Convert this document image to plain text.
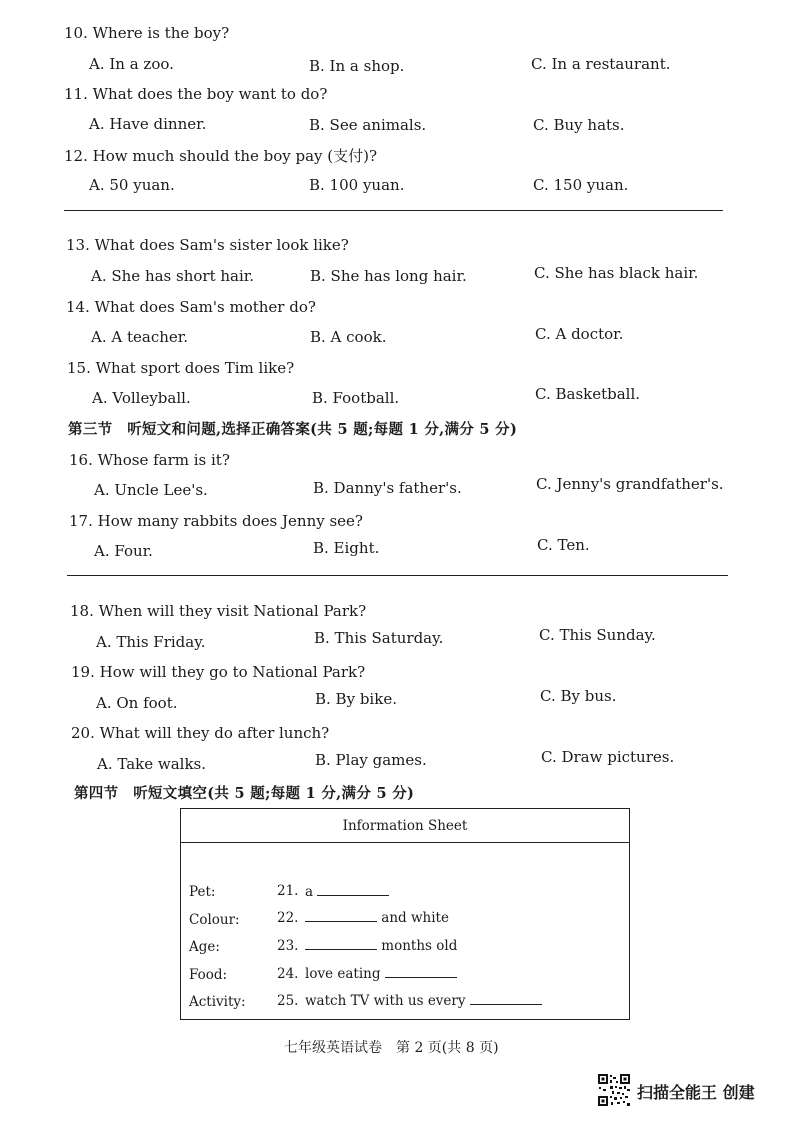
10. Where is the boy?
A. In a zoo.	B. In a shop.	C. In a restaurant.
11. What does the boy want to do?
A. Have dinner.	B. See animals.	C. Buy hats.
12. How much should the boy pay (支付)?
A. 50 yuan.	B. 100 yuan.	C. 150 yuan.
13. What does Sam's sister look like?
A. She has short hair.	B. She has long hair.	C. She has black hair.
14. What does Sam's mother do?
A. A teacher.	B. A cook.	C. A doctor.
15. What sport does Tim like?
A. Volleyball.	B. Football.	C. Basketball.
第三节　听短文和问题,选择正确答案(共 5 题;每题 1 分,满分 5 分)
16. Whose farm is it?
A. Uncle Lee's.	B. Danny's father's.	C. Jenny's grandfather's.
17. How many rabbits does Jenny see?
A. Four.	B. Eight.	C. Ten.
18. When will they visit National Park?
A. This Friday.	B. This Saturday.	C. This Sunday.
19. How will they go to National Park?
A. On foot.	B. By bike.	C. By bus.
20. What will they do after lunch?
A. Take walks.	B. Play games.	C. Draw pictures.
第四节　听短文填空(共 5 题;每题 1 分,满分 5 分)
Information Sheet
Pet:	21. a
Colour:	22.	and white
Age:	23.	months old
Food:	24. love eating
Activity: 25. watch TV with us every
七年级英语试卷　第 2 页(共 8 页)
扫描全能王 创建
